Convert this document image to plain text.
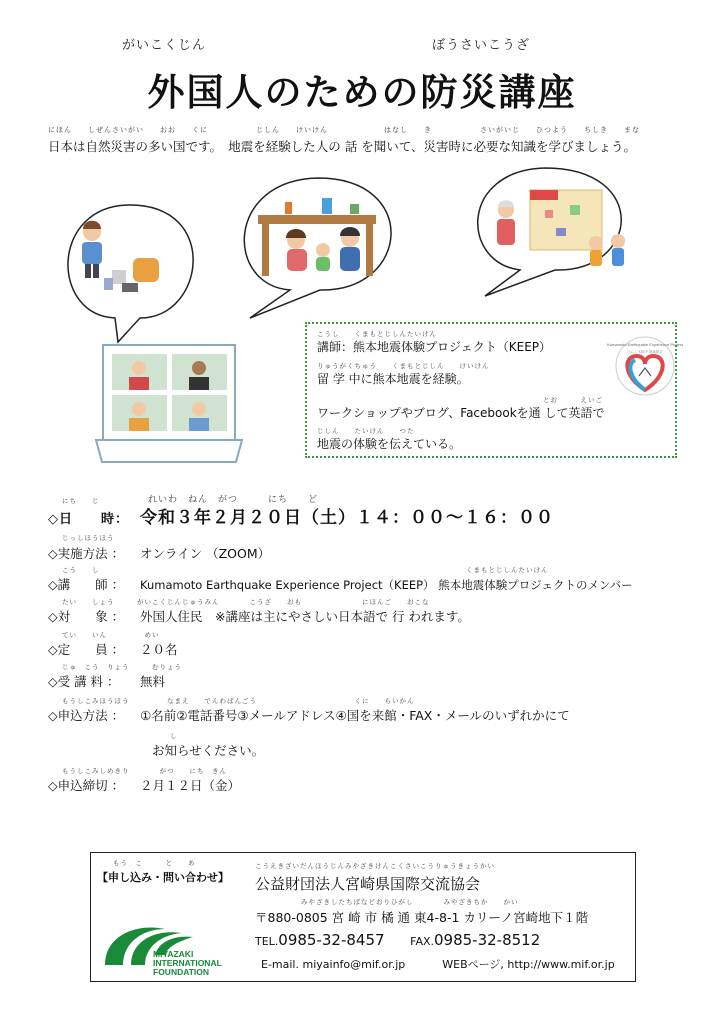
がいこくじん	ぼうさいこうざ
外国人のための防災講座
にほん　　しぜんさいがい　　おお　　くに　　　　　　じしん　　けいけん　　　　　　　はなし　　き　　　　　　さいがいじ　　ひつよう　　ちしき　　まな
日本は自然災害の多い国です。　地震を経験した人の 話 を聞いて、災害時に必要な知識を学びましょう。
こうし　　くまもとじしんたいけん
講師：熊本地震体験プロジェクト（KEEP）
りゅうがくちゅう　　くまもとじしん　　けいけん
留 学 中に熊本地震を経験。
とお　　　えいご
ワークショップやブログ、Facebookを通 して英語で
じしん　　たいけん　　つた
地震の体験を伝えている。
Kumamoto Earthquake Experience Project
ひらく KEEP 地域防災
にち　　じ	れいわ　ねん　がつ　　　にち　　ど
◇日　　時： 令和３年２月２０日（土）１４：００～１６：００
じっしほうほう
◇実施方法 ： オンライン （ZOOM）
こう　　し	くまもとじしんたいけん
◇講　　師 ： Kumamoto Earthquake Experience Project（KEEP） 熊本地震体験プロジェクトのメンバー
たい　　しょう　　　がいこくじんじゅうみん　　　　こうざ　　おも　　　　　　　　にほんご　　おこな
◇対　　象 ： 外国人住民　※講座は主にやさしい日本語で 行 われます。
てい　　いん　　　　　めい
◇定　　員 ： ２０名
じゅ　こう　りょう　　　むりょう
◇受 講 料 ： 無料
もうしこみほうほう　　　　　なまえ　　でんわばんごう　　　　　　　　　　　　　くに　　らいかん
◇申込方法 ： ①名前②電話番号③メールアドレス④国を来館・FAX・メールのいずれかにて
し
お知らせください。
もうしこみしめきり　　　　がつ　　にち　きん
◇申込締切 ： ２月１２日（金）
もう　こ　　　と　　あ
【申し込み・問い合わせ】
こうえきざいだんほうじんみやざきけんこくさいこうりゅうきょうかい
公益財団法人宮崎県国際交流協会
みやざきしたちばなどおりひがし　　　　みやざきちか　　かい
〒880-0805 宮 崎 市 橘 通 東4-8-1 カリーノ宮崎地下１階
TEL.0985-32-8457 FAX.0985-32-8512
E-mail. miyainfo@mif.or.jp	WEBページ, http://www.mif.or.jp
MIYAZAKI
INTERNATIONAL
FOUNDATION
